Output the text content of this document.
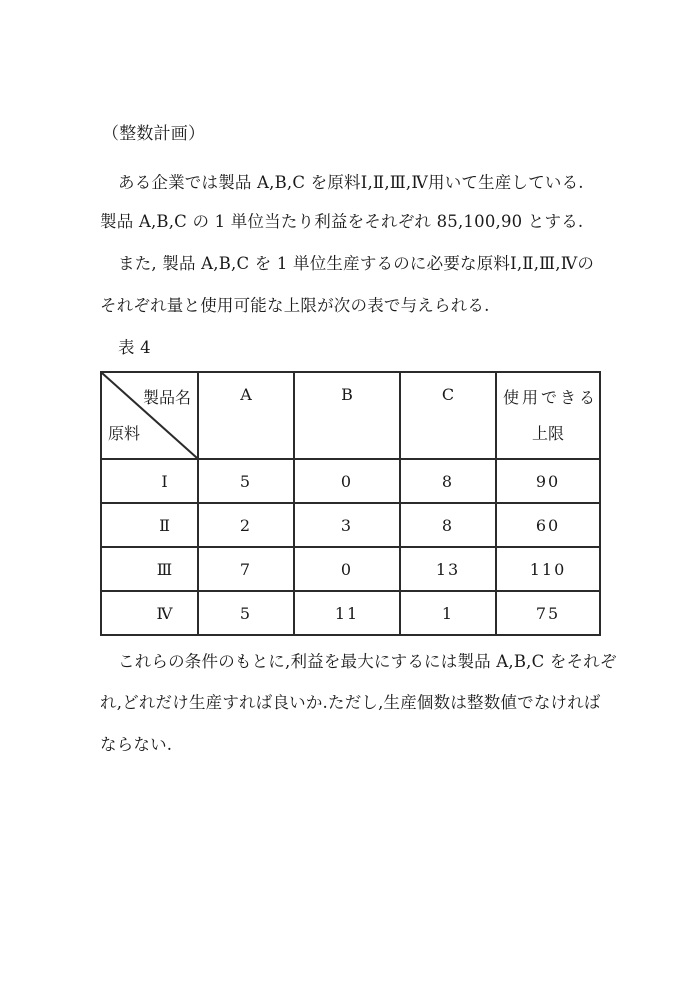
（整数計画）
ある企業では製品 A,B,C を原料Ⅰ,Ⅱ,Ⅲ,Ⅳ用いて生産している.
製品 A,B,C の 1 単位当たり利益をそれぞれ 85,100,90 とする.
また, 製品 A,B,C を 1 単位生産するのに必要な原料Ⅰ,Ⅱ,Ⅲ,Ⅳの
それぞれ量と使用可能な上限が次の表で与えられる.
表 4
製品名
原料	A	B	C	使用できる
上限

Ⅰ	5	0	8	90

Ⅱ	2	3	8	60

Ⅲ	7	0	13	110

Ⅳ	5	11	1	75
これらの条件のもとに,利益を最大にするには製品 A,B,C をそれぞ
れ,どれだけ生産すれば良いか.ただし,生産個数は整数値でなければ
ならない.
